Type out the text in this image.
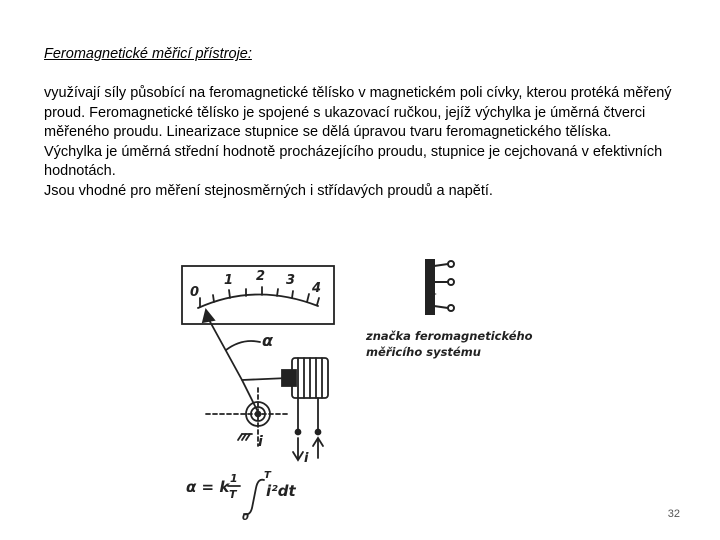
Feromagnetické měřicí přístroje:

využívají síly působící na feromagnetické tělísko v magnetickém poli cívky, kterou protéká měřený proud. Feromagnetické tělísko je spojené s ukazovací ručkou, jejíž výchylka je úměrná čtverci měřeného proudu. Linearizace stupnice se dělá úpravou tvaru feromagnetického tělíska.

Výchylka je úměrná střední hodnotě procházejícího proudu, stupnice je cejchovaná v efektivních hodnotách.

Jsou vhodné pro měření stejnosměrných i střídavých proudů a napětí.

0
1 2 3
4
α
i
i
α = k 1
T
T
0
i²dt
značka feromagnetického
měřicího systému
32
